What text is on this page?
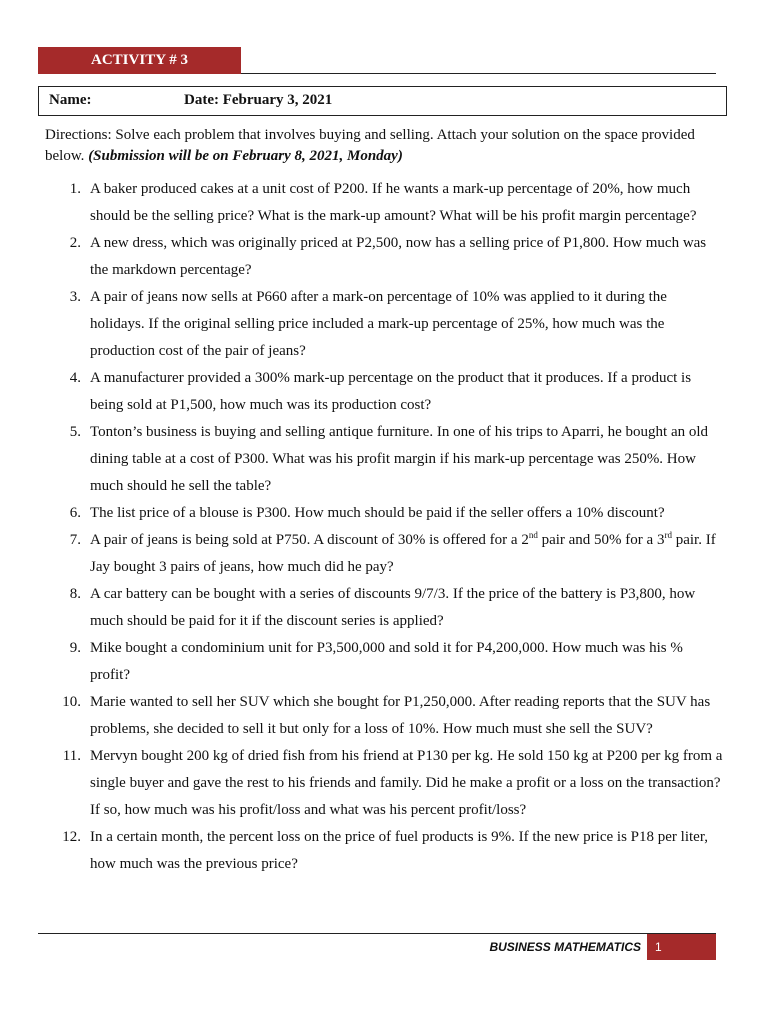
ACTIVITY # 3
Name:	Date: February 3, 2021
Directions: Solve each problem that involves buying and selling. Attach your solution on the space provided below. (Submission will be on February 8, 2021, Monday)
1. A baker produced cakes at a unit cost of P200. If he wants a mark-up percentage of 20%, how much should be the selling price? What is the mark-up amount? What will be his profit margin percentage?
2. A new dress, which was originally priced at P2,500, now has a selling price of P1,800. How much was the markdown percentage?
3. A pair of jeans now sells at P660 after a mark-on percentage of 10% was applied to it during the holidays. If the original selling price included a mark-up percentage of 25%, how much was the production cost of the pair of jeans?
4. A manufacturer provided a 300% mark-up percentage on the product that it produces. If a product is being sold at P1,500, how much was its production cost?
5. Tonton’s business is buying and selling antique furniture. In one of his trips to Aparri, he bought an old dining table at a cost of P300. What was his profit margin if his mark-up percentage was 250%. How much should he sell the table?
6. The list price of a blouse is P300. How much should be paid if the seller offers a 10% discount?
7. A pair of jeans is being sold at P750. A discount of 30% is offered for a 2nd pair and 50% for a 3rd pair. If Jay bought 3 pairs of jeans, how much did he pay?
8. A car battery can be bought with a series of discounts 9/7/3. If the price of the battery is P3,800, how much should be paid for it if the discount series is applied?
9. Mike bought a condominium unit for P3,500,000 and sold it for P4,200,000. How much was his % profit?
10. Marie wanted to sell her SUV which she bought for P1,250,000. After reading reports that the SUV has problems, she decided to sell it but only for a loss of 10%. How much must she sell the SUV?
11. Mervyn bought 200 kg of dried fish from his friend at P130 per kg. He sold 150 kg at P200 per kg from a single buyer and gave the rest to his friends and family. Did he make a profit or a loss on the transaction? If so, how much was his profit/loss and what was his percent profit/loss?
12. In a certain month, the percent loss on the price of fuel products is 9%. If the new price is P18 per liter, how much was the previous price?
BUSINESS MATHEMATICS	1
